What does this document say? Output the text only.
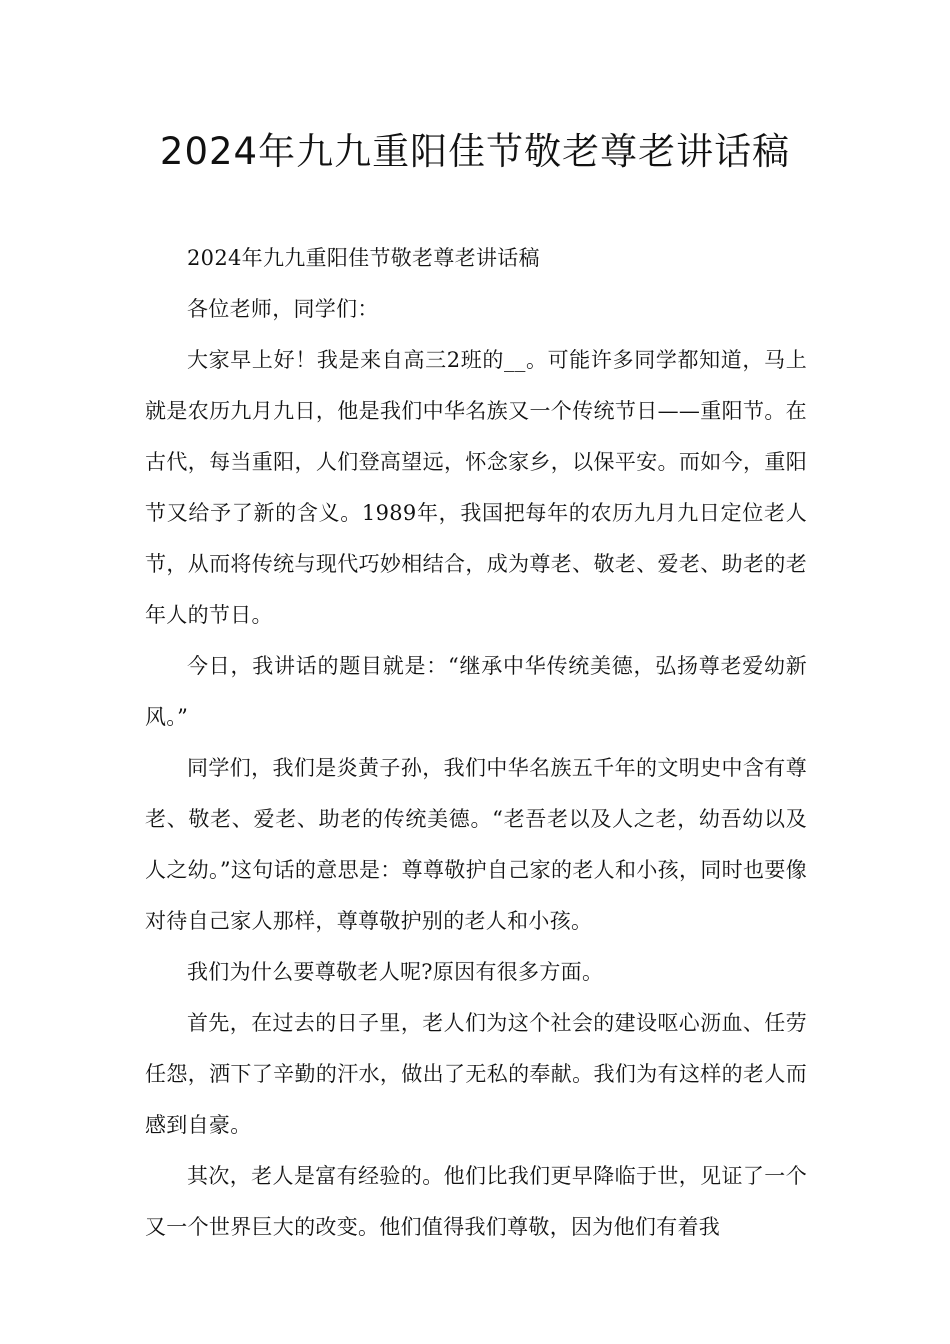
2024年九九重阳佳节敬老尊老讲话稿

2024年九九重阳佳节敬老尊老讲话稿

各位老师，同学们：

大家早上好！我是来自高三2班的__。可能许多同学都知道，马上就是农历九月九日，他是我们中华名族又一个传统节日——重阳节。在古代，每当重阳，人们登高望远，怀念家乡，以保平安。而如今，重阳节又给予了新的含义。1989年，我国把每年的农历九月九日定位老人节，从而将传统与现代巧妙相结合，成为尊老、敬老、爱老、助老的老年人的节日。

今日，我讲话的题目就是：“继承中华传统美德，弘扬尊老爱幼新风。”

同学们，我们是炎黄子孙，我们中华名族五千年的文明史中含有尊老、敬老、爱老、助老的传统美德。“老吾老以及人之老，幼吾幼以及人之幼。”这句话的意思是：尊尊敬护自己家的老人和小孩，同时也要像对待自己家人那样，尊尊敬护别的老人和小孩。

我们为什么要尊敬老人呢?原因有很多方面。

首先，在过去的日子里，老人们为这个社会的建设呕心沥血、任劳任怨，洒下了辛勤的汗水，做出了无私的奉献。我们为有这样的老人而感到自豪。

其次，老人是富有经验的。他们比我们更早降临于世，见证了一个又一个世界巨大的改变。他们值得我们尊敬，因为他们有着我
